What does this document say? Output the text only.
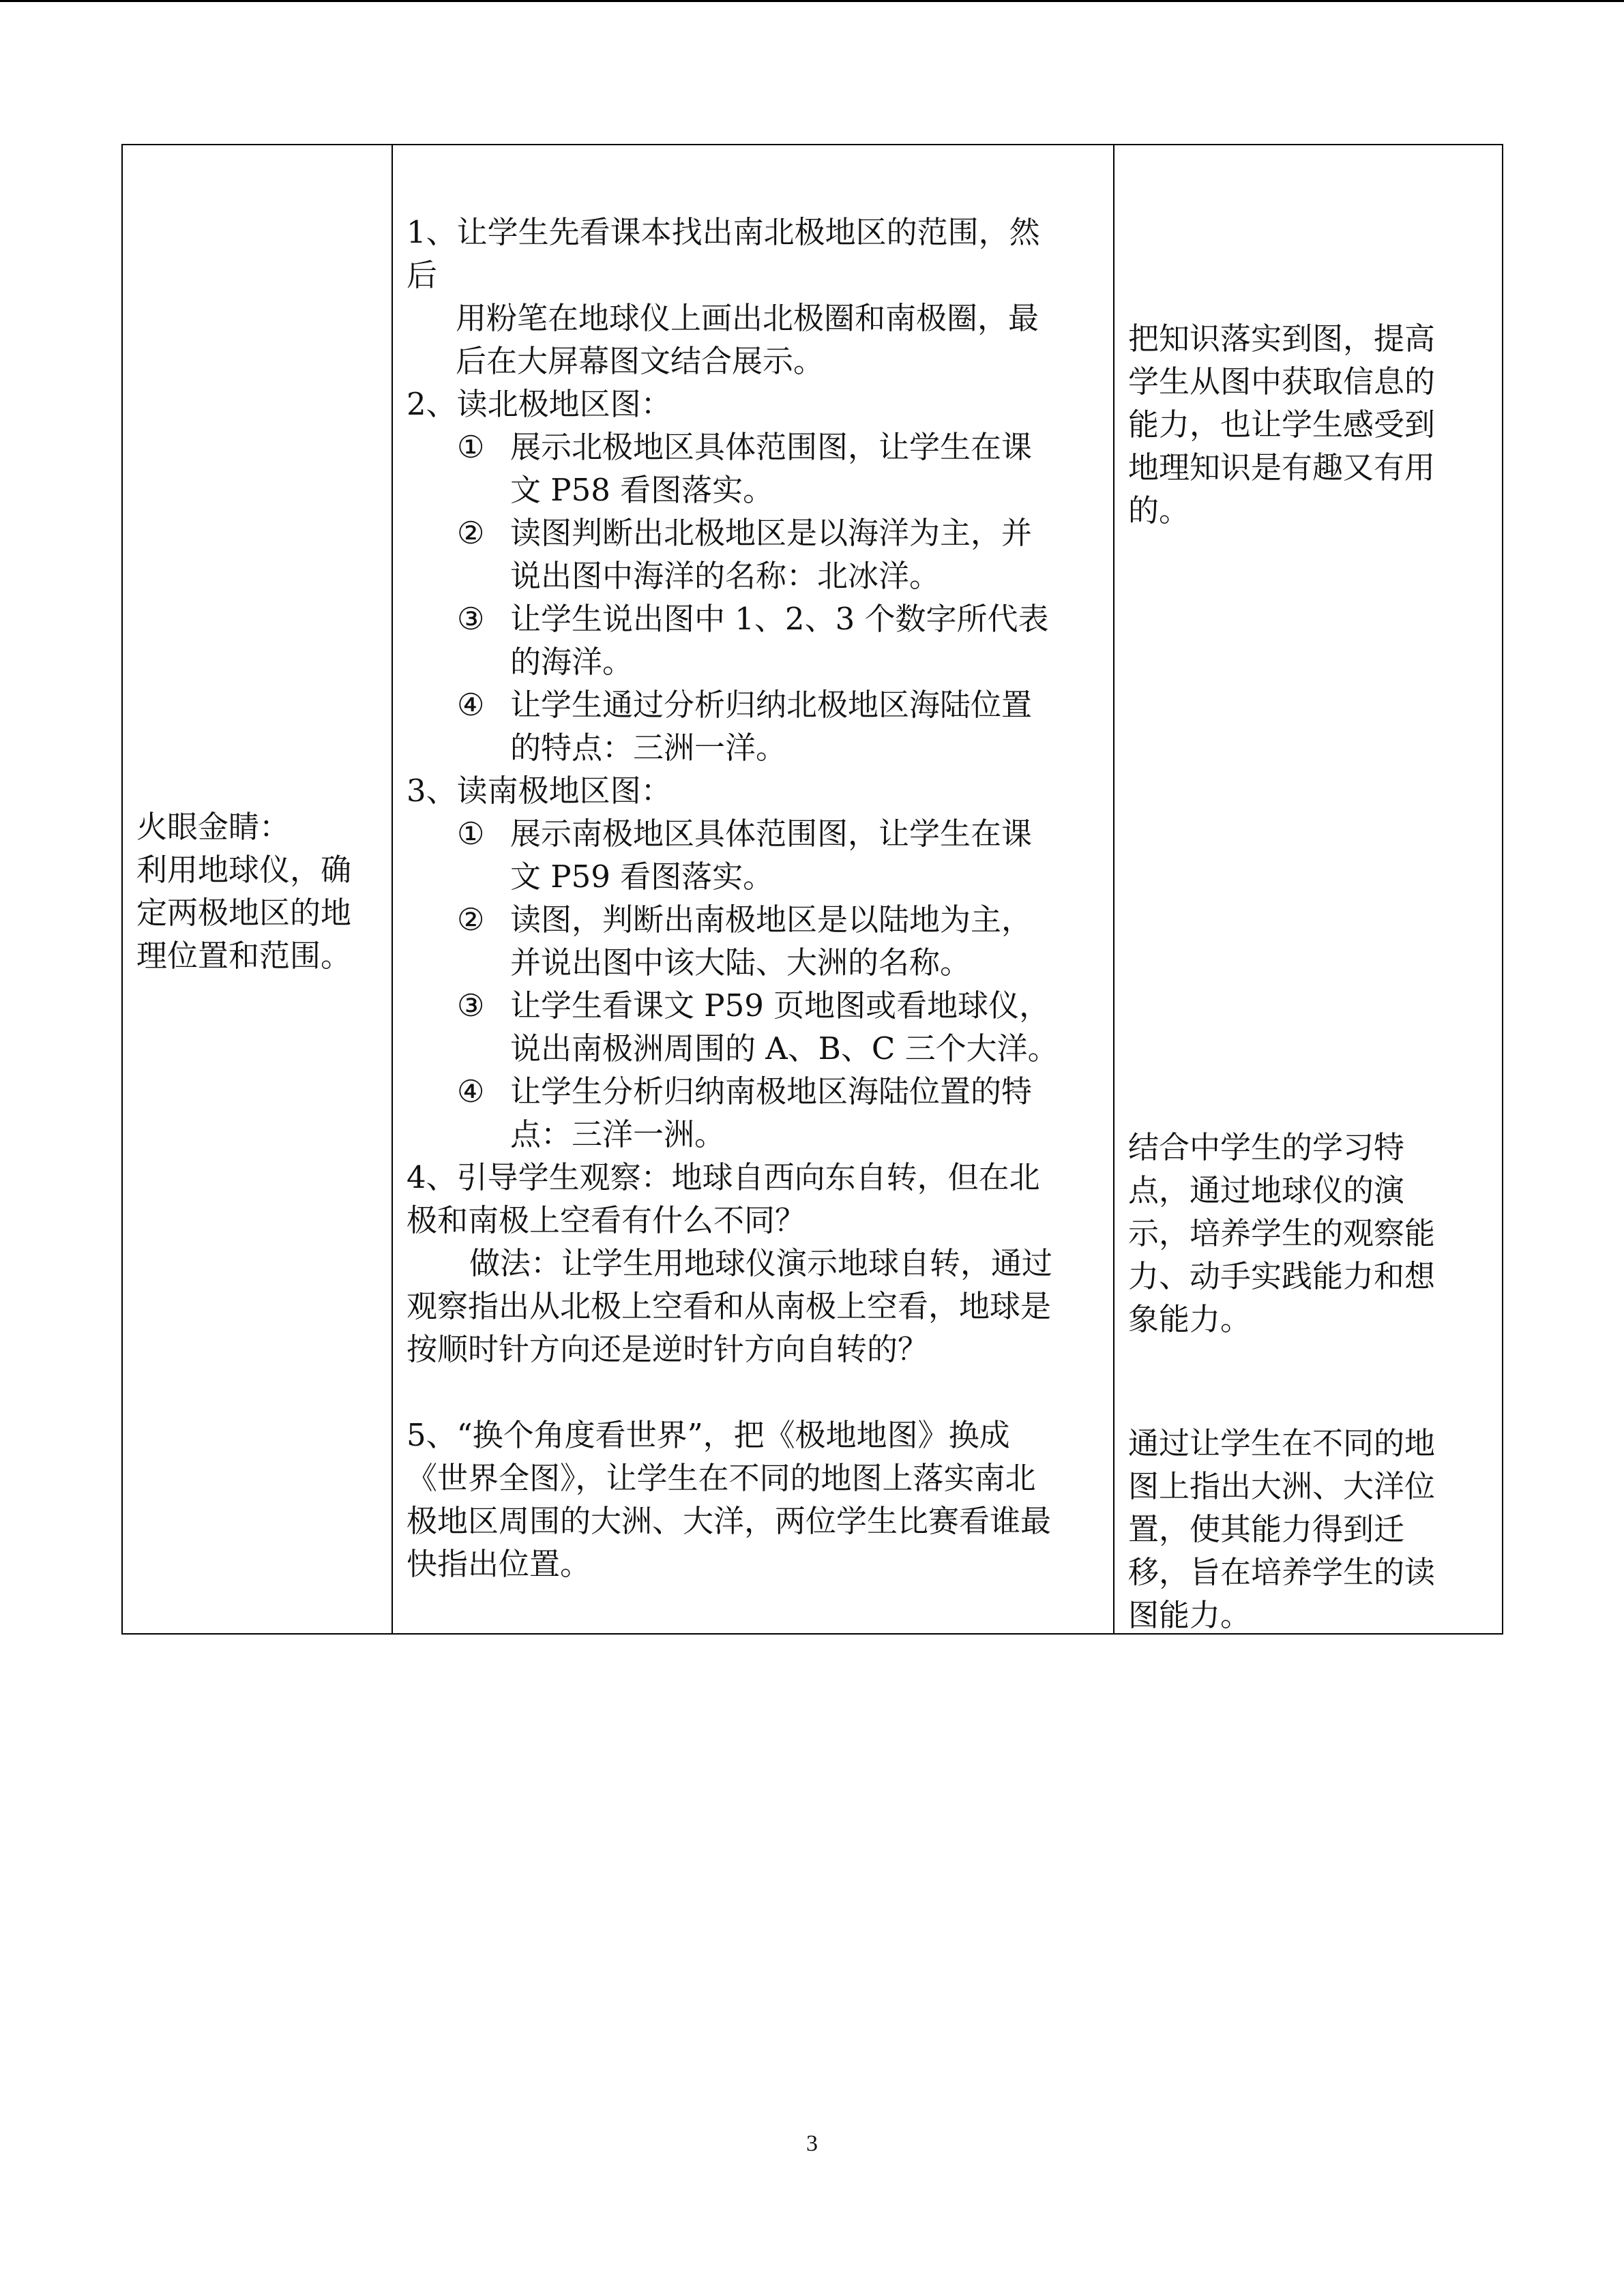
火眼金睛：
利用地球仪，确
定两极地区的地
理位置和范围。
1、让学生先看课本找出南北极地区的范围，然
后
用粉笔在地球仪上画出北极圈和南极圈，最
后在大屏幕图文结合展示。
2、读北极地区图：
① 展示北极地区具体范围图，让学生在课
文 P58 看图落实。
② 读图判断出北极地区是以海洋为主，并
说出图中海洋的名称：北冰洋。
③ 让学生说出图中 1、2、3 个数字所代表
的海洋。
④ 让学生通过分析归纳北极地区海陆位置
的特点：三洲一洋。
3、读南极地区图：
① 展示南极地区具体范围图，让学生在课
文 P59 看图落实。
② 读图，判断出南极地区是以陆地为主，
并说出图中该大陆、大洲的名称。
③ 让学生看课文 P59 页地图或看地球仪，
说出南极洲周围的 A、B、C 三个大洋。
④ 让学生分析归纳南极地区海陆位置的特
点：三洋一洲。
4、引导学生观察：地球自西向东自转，但在北
极和南极上空看有什么不同？
做法：让学生用地球仪演示地球自转，通过
观察指出从北极上空看和从南极上空看，地球是
按顺时针方向还是逆时针方向自转的？
5、“换个角度看世界”，把《极地地图》换成
《世界全图》，让学生在不同的地图上落实南北
极地区周围的大洲、大洋，两位学生比赛看谁最
快指出位置。
把知识落实到图，提高
学生从图中获取信息的
能力，也让学生感受到
地理知识是有趣又有用
的。
结合中学生的学习特
点，通过地球仪的演
示，培养学生的观察能
力、动手实践能力和想
象能力。
通过让学生在不同的地
图上指出大洲、大洋位
置，使其能力得到迁
移，旨在培养学生的读
图能力。
3
